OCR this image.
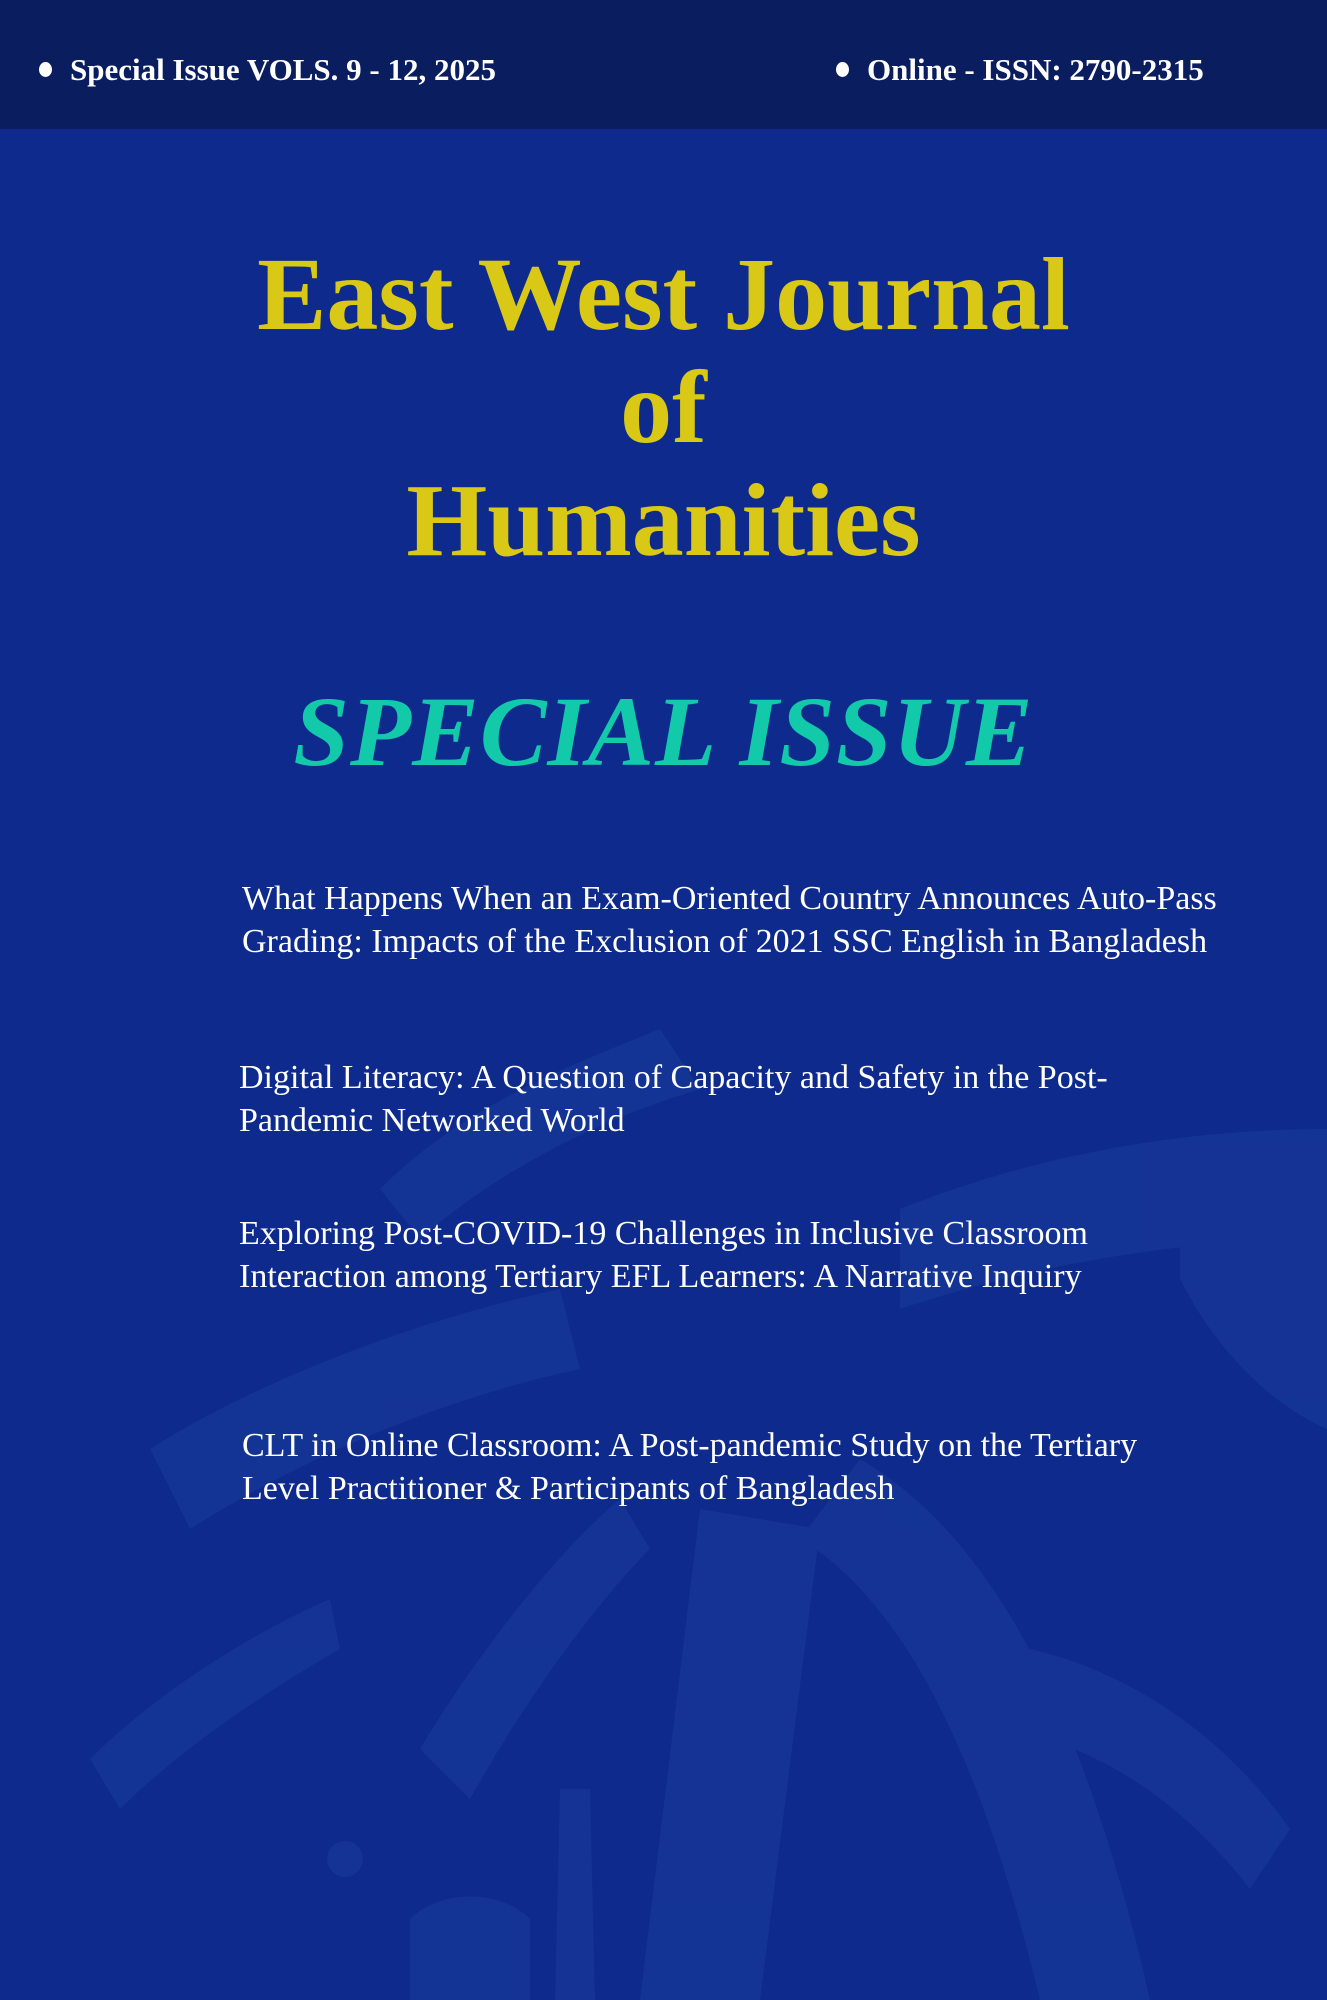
Special Issue VOLS. 9 - 12, 2025	Online - ISSN: 2790-2315
East West Journal
of
Humanities
SPECIAL ISSUE
What Happens When an Exam-Oriented Country Announces Auto-Pass Grading: Impacts of the Exclusion of 2021 SSC English in Bangladesh
Digital Literacy: A Question of Capacity and Safety in the Post-Pandemic Networked World
Exploring Post-COVID-19 Challenges in Inclusive Classroom Interaction among Tertiary EFL Learners: A Narrative Inquiry
CLT in Online Classroom: A Post-pandemic Study on the Tertiary Level Practitioner & Participants of Bangladesh
